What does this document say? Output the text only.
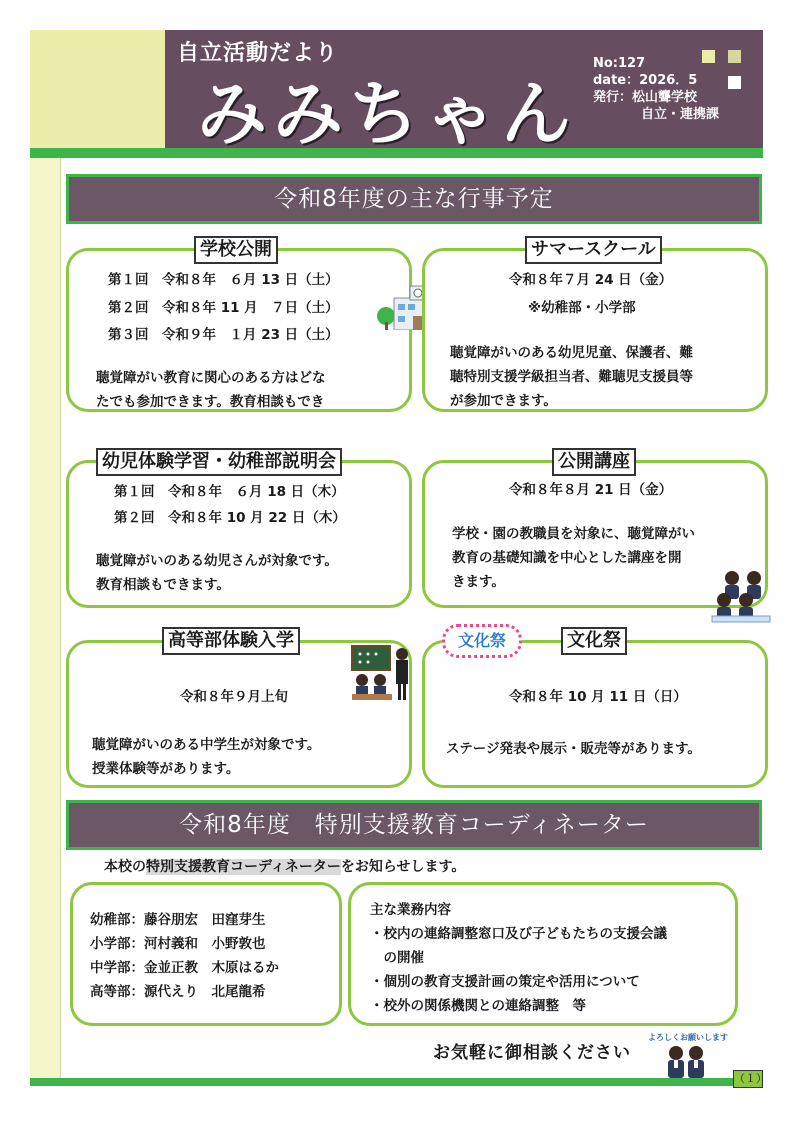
自立活動だより
みみちゃん
No:127
date：2026．5
発行：松山聾学校
自立・連携課
令和8年度の主な行事予定
学校公開
第１回　令和８年　６月 13 日（土）
第２回　令和８年 11 月　７日（土）
第３回　令和９年　１月 23 日（土）
聴覚障がい教育に関心のある方はどな
たでも参加できます。教育相談もでき
サマースクール
令和８年７月 24 日（金）
※幼稚部・小学部
聴覚障がいのある幼児児童、保護者、難
聴特別支援学級担当者、難聴児支援員等
が参加できます。
幼児体験学習・幼稚部説明会
第１回　令和８年　６月 18 日（木）
第２回　令和８年 10 月 22 日（木）
聴覚障がいのある幼児さんが対象です。
教育相談もできます。
公開講座
令和８年８月 21 日（金）
学校・園の教職員を対象に、聴覚障がい
教育の基礎知識を中心とした講座を開
きます。
高等部体験入学
令和８年９月上旬
聴覚障がいのある中学生が対象です。
授業体験等があります。
文化祭	文化祭
令和８年 10 月 11 日（日）
ステージ発表や展示・販売等があります。
令和8年度　特別支援教育コーディネーター
本校の特別支援教育コーディネーターをお知らせします。
幼稚部：藤谷朋宏　田窪芽生
小学部：河村義和　小野敦也
中学部：金並正教　木原はるか
高等部：源代えり　北尾龍希
主な業務内容
・校内の連絡調整窓口及び子どもたちの支援会議
　の開催
・個別の教育支援計画の策定や活用について
・校外の関係機関との連絡調整　等
お気軽に御相談ください
よろしくお願いします
（１）
